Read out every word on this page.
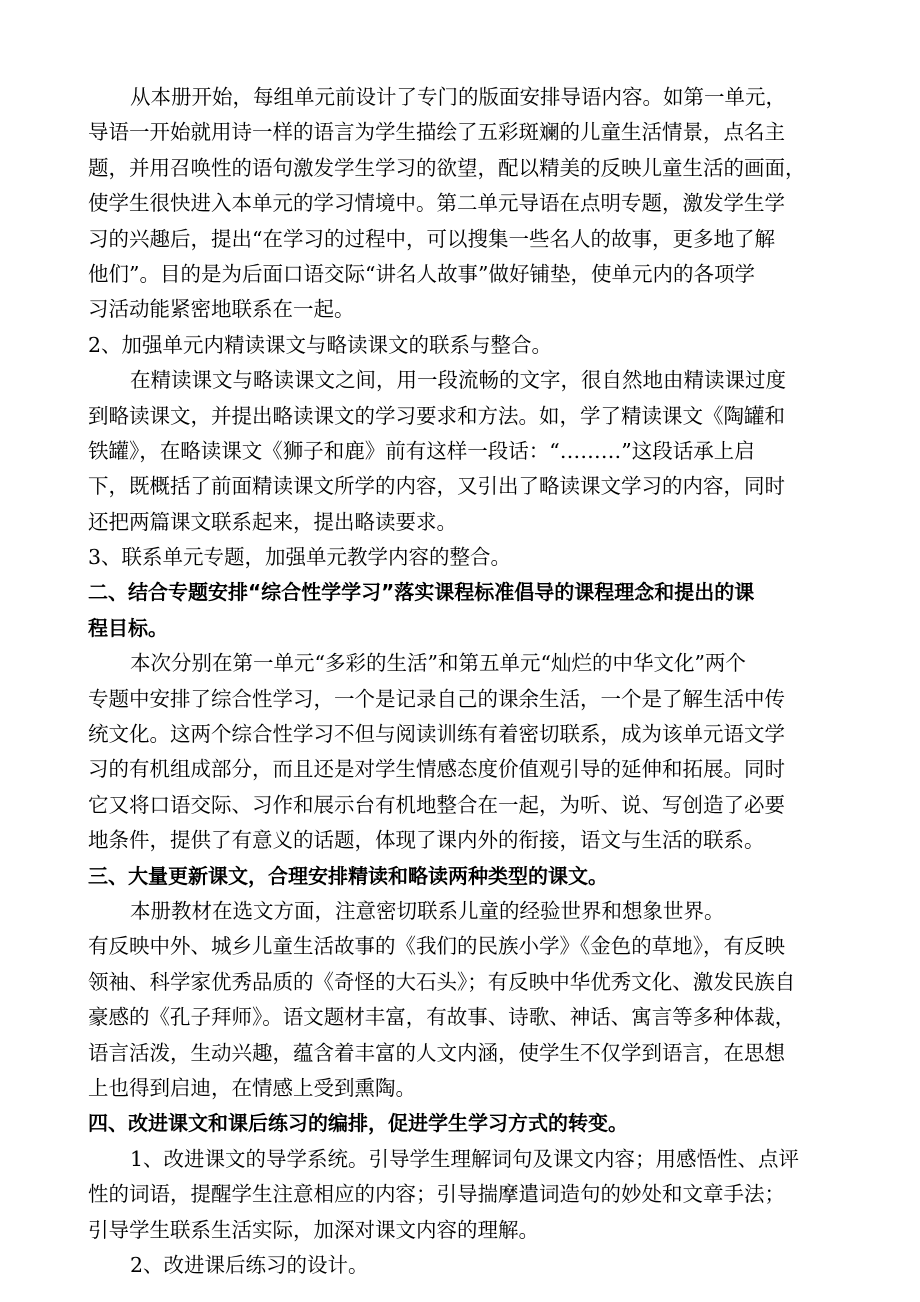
从本册开始，每组单元前设计了专门的版面安排导语内容。如第一单元，
导语一开始就用诗一样的语言为学生描绘了五彩斑斓的儿童生活情景，点名主
题，并用召唤性的语句激发学生学习的欲望，配以精美的反映儿童生活的画面，
使学生很快进入本单元的学习情境中。第二单元导语在点明专题，激发学生学
习的兴趣后，提出“在学习的过程中，可以搜集一些名人的故事，更多地了解
他们”。目的是为后面口语交际“讲名人故事”做好铺垫，使单元内的各项学
习活动能紧密地联系在一起。
2、加强单元内精读课文与略读课文的联系与整合。
在精读课文与略读课文之间，用一段流畅的文字，很自然地由精读课过度
到略读课文，并提出略读课文的学习要求和方法。如，学了精读课文《陶罐和
铁罐》，在略读课文《狮子和鹿》前有这样一段话：“………”这段话承上启
下，既概括了前面精读课文所学的内容，又引出了略读课文学习的内容，同时
还把两篇课文联系起来，提出略读要求。
3、联系单元专题，加强单元教学内容的整合。
二、结合专题安排“综合性学学习”落实课程标准倡导的课程理念和提出的课
程目标。
本次分别在第一单元“多彩的生活”和第五单元“灿烂的中华文化”两个
专题中安排了综合性学习，一个是记录自己的课余生活，一个是了解生活中传
统文化。这两个综合性学习不但与阅读训练有着密切联系，成为该单元语文学
习的有机组成部分，而且还是对学生情感态度价值观引导的延伸和拓展。同时
它又将口语交际、习作和展示台有机地整合在一起，为听、说、写创造了必要
地条件，提供了有意义的话题，体现了课内外的衔接，语文与生活的联系。
三、大量更新课文，合理安排精读和略读两种类型的课文。
本册教材在选文方面，注意密切联系儿童的经验世界和想象世界。
有反映中外、城乡儿童生活故事的《我们的民族小学》《金色的草地》，有反映
领袖、科学家优秀品质的《奇怪的大石头》；有反映中华优秀文化、激发民族自
豪感的《孔子拜师》。语文题材丰富，有故事、诗歌、神话、寓言等多种体裁，
语言活泼，生动兴趣，蕴含着丰富的人文内涵，使学生不仅学到语言，在思想
上也得到启迪，在情感上受到熏陶。
四、改进课文和课后练习的编排，促进学生学习方式的转变。
1、改进课文的导学系统。引导学生理解词句及课文内容；用感悟性、点评
性的词语，提醒学生注意相应的内容；引导揣摩遣词造句的妙处和文章手法；
引导学生联系生活实际，加深对课文内容的理解。
2、改进课后练习的设计。
